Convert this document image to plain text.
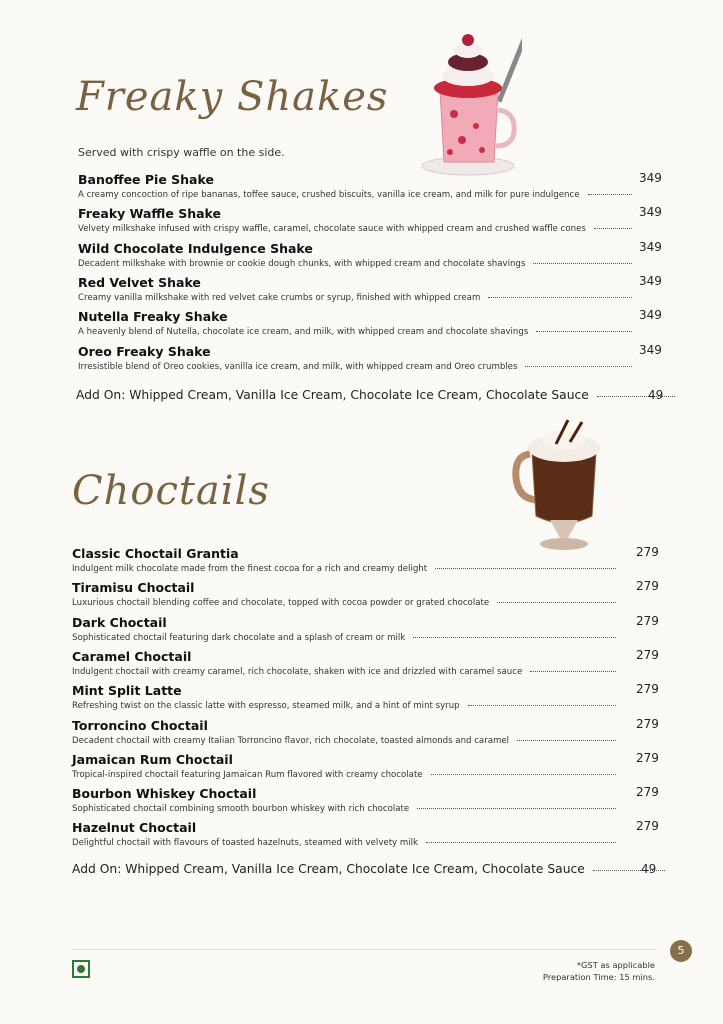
Freaky Shakes
Served with crispy waffle on the side.
Banoffee Pie Shake
A creamy concoction of ripe bananas, toffee sauce, crushed biscuits, vanilla ice cream, and milk for pure indulgence
349
Freaky Waffle Shake
Velvety milkshake infused with crispy waffle, caramel, chocolate sauce with whipped cream and crushed waffle cones
349
Wild Chocolate Indulgence Shake
Decadent milkshake with brownie or cookie dough chunks, with whipped cream and chocolate shavings
349
Red Velvet Shake
Creamy vanilla milkshake with red velvet cake crumbs or syrup, finished with whipped cream
349
Nutella Freaky Shake
A heavenly blend of Nutella, chocolate ice cream, and milk, with whipped cream and chocolate shavings
349
Oreo Freaky Shake
Irresistible blend of Oreo cookies, vanilla ice cream, and milk, with whipped cream and Oreo crumbles
349
Add On: Whipped Cream, Vanilla Ice Cream, Chocolate Ice Cream, Chocolate Sauce	49
Choctails
Classic Choctail Grantia
Indulgent milk chocolate made from the finest cocoa for a rich and creamy delight
279
Tiramisu Choctail
Luxurious choctail blending coffee and chocolate, topped with cocoa powder or grated chocolate
279
Dark Choctail
Sophisticated choctail featuring dark chocolate and a splash of cream or milk
279
Caramel Choctail
Indulgent choctail with creamy caramel, rich chocolate, shaken with ice and drizzled with caramel sauce
279
Mint Split Latte
Refreshing twist on the classic latte with espresso, steamed milk, and a hint of mint syrup
279
Torroncino Choctail
Decadent choctail with creamy Italian Torroncino flavor, rich chocolate, toasted almonds and caramel
279
Jamaican Rum Choctail
Tropical-inspired choctail featuring Jamaican Rum flavored with creamy chocolate
279
Bourbon Whiskey Choctail
Sophisticated choctail combining smooth bourbon whiskey with rich chocolate
279
Hazelnut Choctail
Delightful choctail with flavours of toasted hazelnuts, steamed with velvety milk
279
Add On: Whipped Cream, Vanilla Ice Cream, Chocolate Ice Cream, Chocolate Sauce	49
5
*GST as applicable
Preparation Time: 15 mins.
